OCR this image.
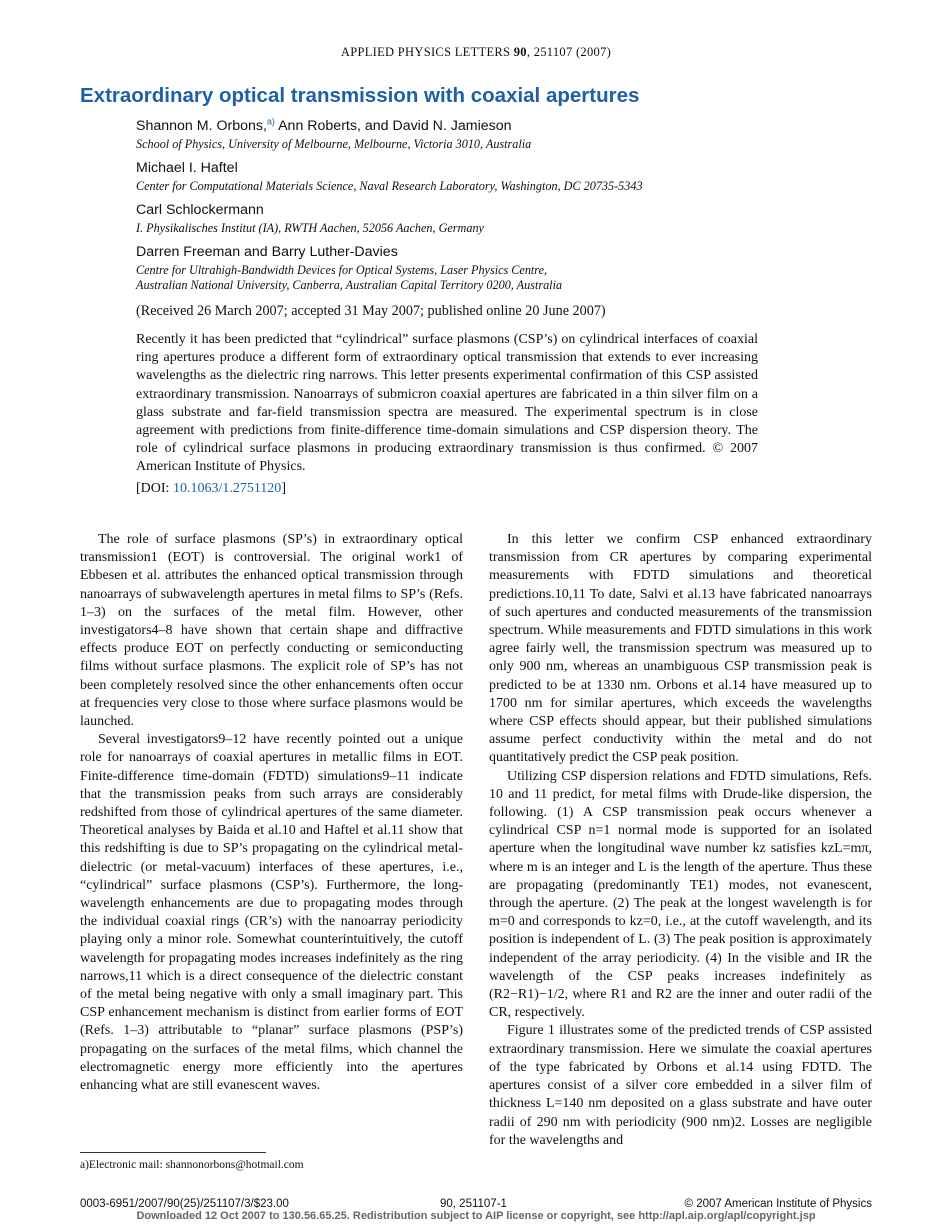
APPLIED PHYSICS LETTERS 90, 251107 (2007)
Extraordinary optical transmission with coaxial apertures
Shannon M. Orbons,$^{a)}$ Ann Roberts, and David N. Jamieson
School of Physics, University of Melbourne, Melbourne, Victoria 3010, Australia
Michael I. Haftel
Center for Computational Materials Science, Naval Research Laboratory, Washington, DC 20735-5343
Carl Schlockermann
I. Physikalisches Institut (IA), RWTH Aachen, 52056 Aachen, Germany
Darren Freeman and Barry Luther-Davies
Centre for Ultrahigh-Bandwidth Devices for Optical Systems, Laser Physics Centre,
Australian National University, Canberra, Australian Capital Territory 0200, Australia
(Received 26 March 2007; accepted 31 May 2007; published online 20 June 2007)
Recently it has been predicted that “cylindrical” surface plasmons (CSP’s) on cylindrical interfaces of coaxial ring apertures produce a different form of extraordinary optical transmission that extends to ever increasing wavelengths as the dielectric ring narrows. This letter presents experimental confirmation of this CSP assisted extraordinary transmission. Nanoarrays of submicron coaxial apertures are fabricated in a thin silver film on a glass substrate and far-field transmission spectra are measured. The experimental spectrum is in close agreement with predictions from finite-difference time-domain simulations and CSP dispersion theory. The role of cylindrical surface plasmons in producing extraordinary transmission is thus confirmed. © 2007 American Institute of Physics.
[DOI: 10.1063/1.2751120]

The role of surface plasmons (SP’s) in extraordinary optical transmission1 (EOT) is controversial. The original work1 of Ebbesen et al. attributes the enhanced optical transmission through nanoarrays of subwavelength apertures in metal films to SP’s (Refs. 1–3) on the surfaces of the metal film. However, other investigators4–8 have shown that certain shape and diffractive effects produce EOT on perfectly conducting or semiconducting films without surface plasmons. The explicit role of SP’s has not been completely resolved since the other enhancements often occur at frequencies very close to those where surface plasmons would be launched.

Several investigators9–12 have recently pointed out a unique role for nanoarrays of coaxial apertures in metallic films in EOT. Finite-difference time-domain (FDTD) simulations9–11 indicate that the transmission peaks from such arrays are considerably redshifted from those of cylindrical apertures of the same diameter. Theoretical analyses by Baida et al.10 and Haftel et al.11 show that this redshifting is due to SP’s propagating on the cylindrical metal-dielectric (or metal-vacuum) interfaces of these apertures, i.e., “cylindrical” surface plasmons (CSP’s). Furthermore, the long-wavelength enhancements are due to propagating modes through the individual coaxial rings (CR’s) with the nanoarray periodicity playing only a minor role. Somewhat counterintuitively, the cutoff wavelength for propagating modes increases indefinitely as the ring narrows,11 which is a direct consequence of the dielectric constant of the metal being negative with only a small imaginary part. This CSP enhancement mechanism is distinct from earlier forms of EOT (Refs. 1–3) attributable to “planar” surface plasmons (PSP’s) propagating on the surfaces of the metal films, which channel the electromagnetic energy more efficiently into the apertures enhancing what are still evanescent waves.

In this letter we confirm CSP enhanced extraordinary transmission from CR apertures by comparing experimental measurements with FDTD simulations and theoretical predictions.10,11 To date, Salvi et al.13 have fabricated nanoarrays of such apertures and conducted measurements of the transmission spectrum. While measurements and FDTD simulations in this work agree fairly well, the transmission spectrum was measured up to only 900 nm, whereas an unambiguous CSP transmission peak is predicted to be at 1330 nm. Orbons et al.14 have measured up to 1700 nm for similar apertures, which exceeds the wavelengths where CSP effects should appear, but their published simulations assume perfect conductivity within the metal and do not quantitatively predict the CSP peak position.

Utilizing CSP dispersion relations and FDTD simulations, Refs. 10 and 11 predict, for metal films with Drude-like dispersion, the following. (1) A CSP transmission peak occurs whenever a cylindrical CSP n=1 normal mode is supported for an isolated aperture when the longitudinal wave number kz satisfies kzL=mπ, where m is an integer and L is the length of the aperture. Thus these are propagating (predominantly TE1) modes, not evanescent, through the aperture. (2) The peak at the longest wavelength is for m=0 and corresponds to kz=0, i.e., at the cutoff wavelength, and its position is independent of L. (3) The peak position is approximately independent of the array periodicity. (4) In the visible and IR the wavelength of the CSP peaks increases indefinitely as (R2−R1)−1/2, where R1 and R2 are the inner and outer radii of the CR, respectively.

Figure 1 illustrates some of the predicted trends of CSP assisted extraordinary transmission. Here we simulate the coaxial apertures of the type fabricated by Orbons et al.14 using FDTD. The apertures consist of a silver core embedded in a silver film of thickness L=140 nm deposited on a glass substrate and have outer radii of 290 nm with periodicity (900 nm)2. Losses are negligible for the wavelengths and

a)Electronic mail: shannonorbons@hotmail.com
0003-6951/2007/90(25)/251107/3/$23.00	90, 251107-1	© 2007 American Institute of Physics
Downloaded 12 Oct 2007 to 130.56.65.25. Redistribution subject to AIP license or copyright, see http://apl.aip.org/apl/copyright.jsp
